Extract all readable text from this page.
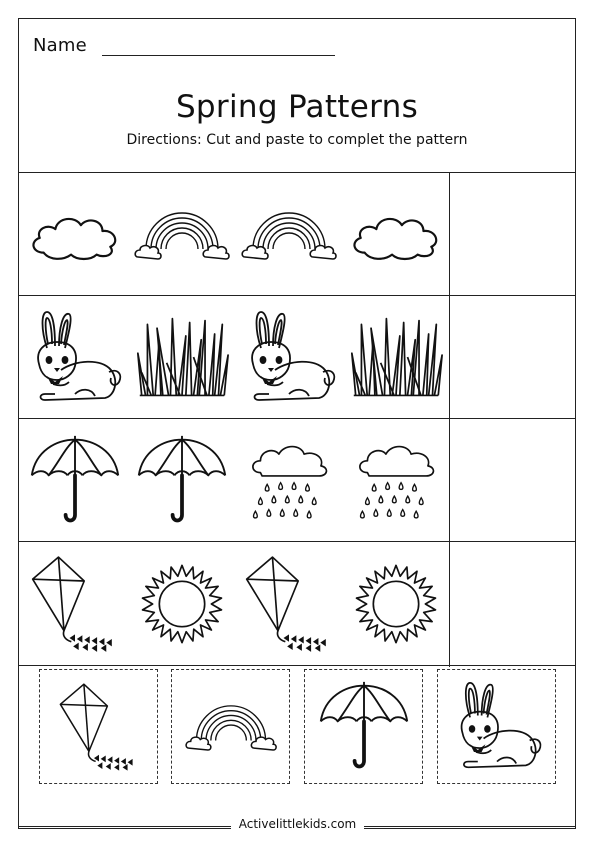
Name
Spring Patterns
Directions: Cut and paste to complet the pattern
Activelittlekids.com
